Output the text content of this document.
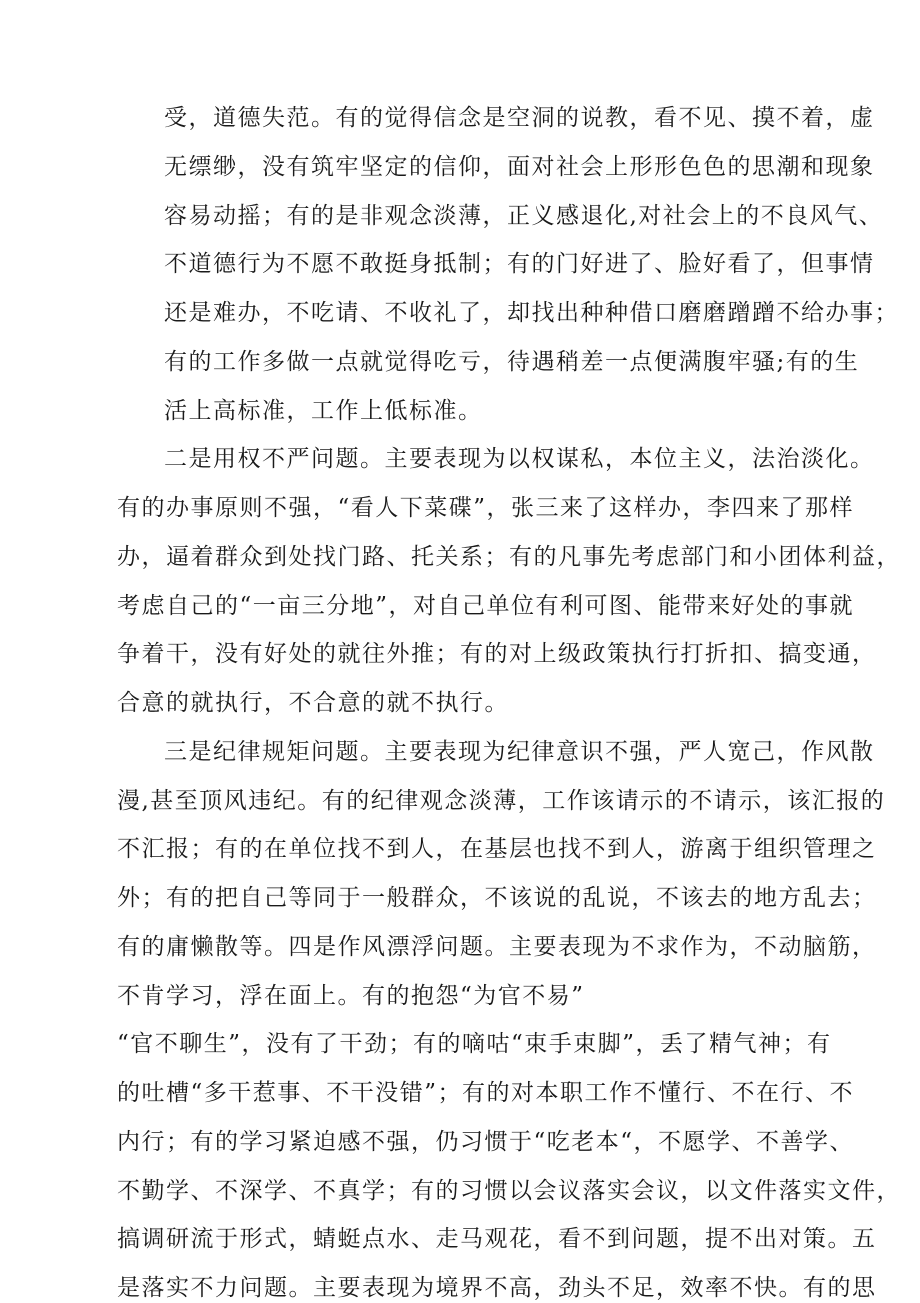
受，道德失范。有的觉得信念是空洞的说教，看不见、摸不着，虚

无缥缈，没有筑牢坚定的信仰，面对社会上形形色色的思潮和现象

容易动摇；有的是非观念淡薄，正义感退化,对社会上的不良风气、

不道德行为不愿不敢挺身抵制；有的门好进了、脸好看了，但事情

还是难办，不吃请、不收礼了，却找出种种借口磨磨蹭蹭不给办事；

有的工作多做一点就觉得吃亏，待遇稍差一点便满腹牢骚;有的生

活上高标准，工作上低标准。

二是用权不严问题。主要表现为以权谋私，本位主义，法治淡化。

有的办事原则不强，“看人下菜碟”，张三来了这样办，李四来了那样

办，逼着群众到处找门路、托关系；有的凡事先考虑部门和小团体利益，

考虑自己的“一亩三分地”，对自己单位有利可图、能带来好处的事就

争着干，没有好处的就往外推；有的对上级政策执行打折扣、搞变通，

合意的就执行，不合意的就不执行。

三是纪律规矩问题。主要表现为纪律意识不强，严人宽己，作风散

漫,甚至顶风违纪。有的纪律观念淡薄，工作该请示的不请示，该汇报的

不汇报；有的在单位找不到人，在基层也找不到人，游离于组织管理之

外；有的把自己等同于一般群众，不该说的乱说，不该去的地方乱去；

有的庸懒散等。四是作风漂浮问题。主要表现为不求作为，不动脑筋，

不肯学习，浮在面上。有的抱怨“为官不易”

“官不聊生”，没有了干劲；有的嘀咕“束手束脚”，丢了精气神；有

的吐槽“多干惹事、不干没错”；有的对本职工作不懂行、不在行、不

内行；有的学习紧迫感不强，仍习惯于“吃老本“，不愿学、不善学、

不勤学、不深学、不真学；有的习惯以会议落实会议，以文件落实文件，

搞调研流于形式，蜻蜓点水、走马观花，看不到问题，提不出对策。五

是落实不力问题。主要表现为境界不高，劲头不足，效率不快。有的思
